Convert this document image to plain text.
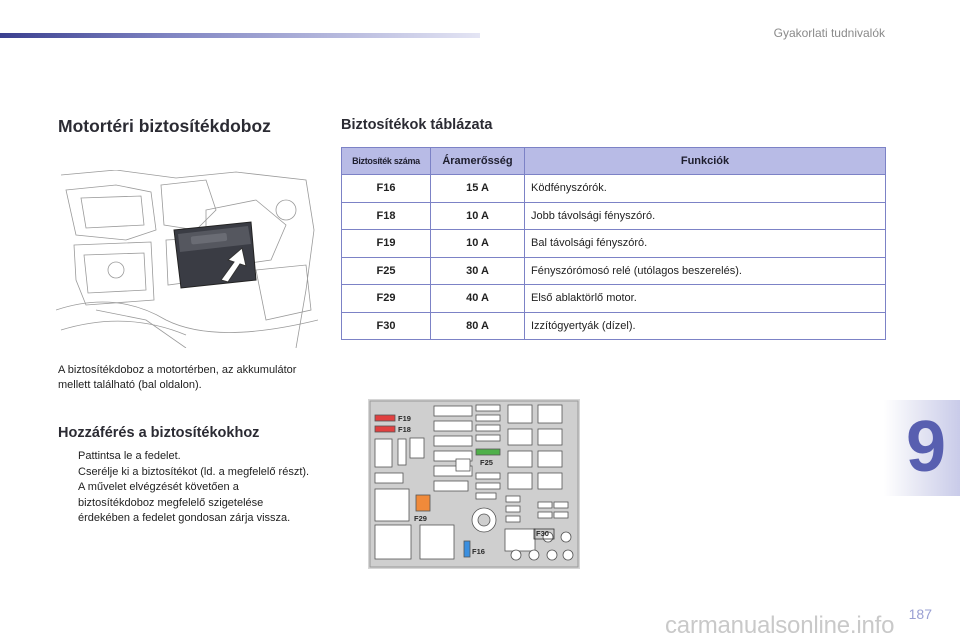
Gyakorlati tudnivalók
Motortéri biztosítékdoboz
A biztosítékdoboz a motortérben, az akkumulátor mellett található (bal oldalon).
Hozzáférés a biztosítékokhoz
Pattintsa le a fedelet.
Cserélje ki a biztosítékot (ld. a megfelelő részt).
A művelet elvégzését követően a biztosítékdoboz megfelelő szigetelése érdekében a fedelet gondosan zárja vissza.
Biztosítékok táblázata
Biztosíték száma	Áramerősség	Funkciók
F16	15 A	Ködfényszórók.
F18	10 A	Jobb távolsági fényszóró.
F19	10 A	Bal távolsági fényszóró.
F25	30 A	Fényszórómosó relé (utólagos beszerelés).
F29	40 A	Első ablaktörlő motor.
F30	80 A	Izzítógyertyák (dízel).
F19
F18
F25
F29
F16
F30
9
187
carmanualsonline.info
